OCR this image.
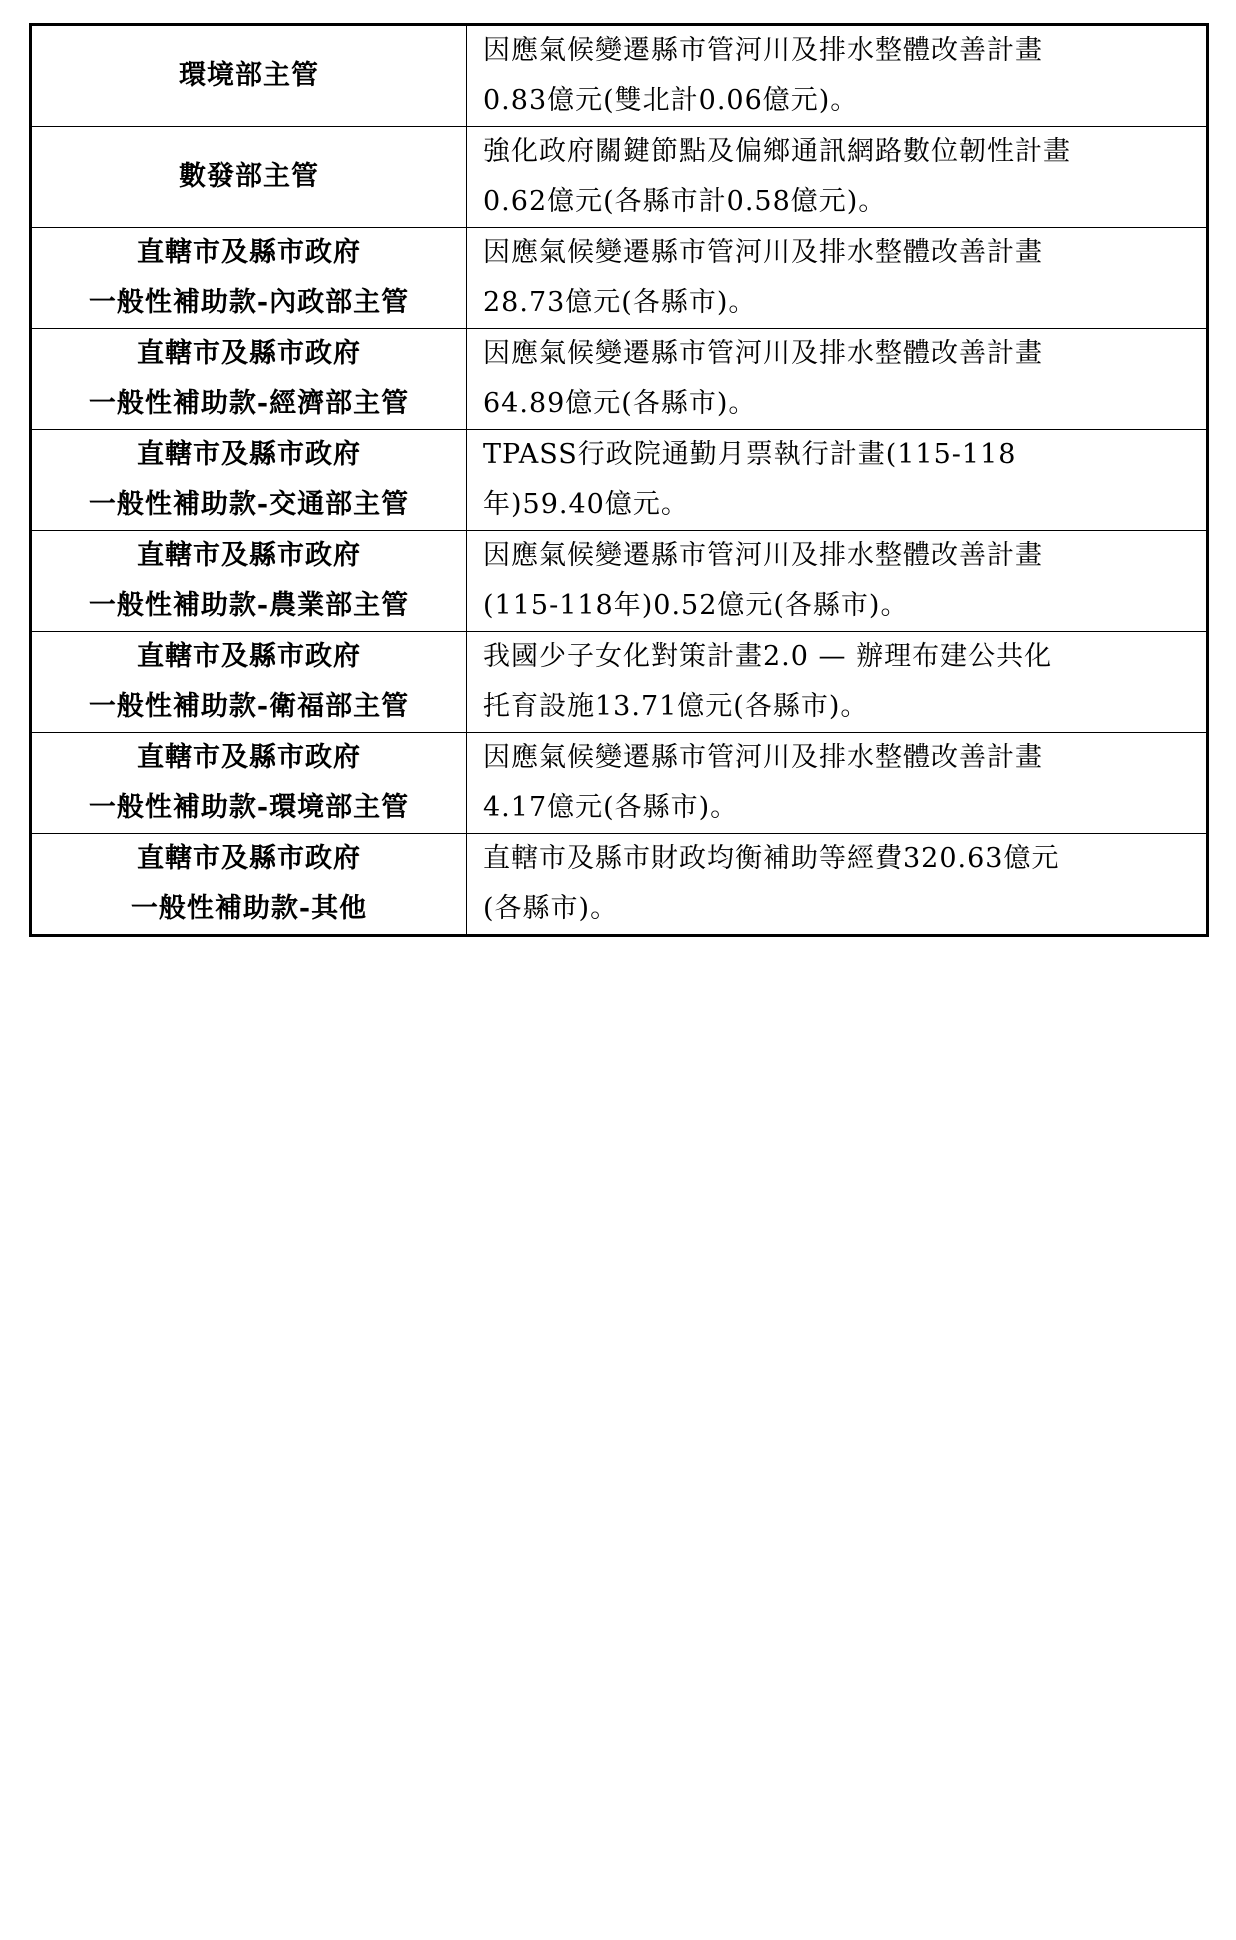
環境部主管	因應氣候變遷縣市管河川及排水整體改善計畫
0.83億元(雙北計0.06億元)。

數發部主管	強化政府關鍵節點及偏鄉通訊網路數位韌性計畫
0.62億元(各縣市計0.58億元)。

直轄市及縣市政府
一般性補助款-內政部主管	因應氣候變遷縣市管河川及排水整體改善計畫
28.73億元(各縣市)。

直轄市及縣市政府
一般性補助款-經濟部主管	因應氣候變遷縣市管河川及排水整體改善計畫
64.89億元(各縣市)。

直轄市及縣市政府
一般性補助款-交通部主管	TPASS行政院通勤月票執行計畫(115-118
年)59.40億元。

直轄市及縣市政府
一般性補助款-農業部主管	因應氣候變遷縣市管河川及排水整體改善計畫
(115-118年)0.52億元(各縣市)。

直轄市及縣市政府
一般性補助款-衛福部主管	我國少子女化對策計畫2.0 — 辦理布建公共化
托育設施13.71億元(各縣市)。

直轄市及縣市政府
一般性補助款-環境部主管	因應氣候變遷縣市管河川及排水整體改善計畫
4.17億元(各縣市)。

直轄市及縣市政府
一般性補助款-其他	直轄市及縣市財政均衡補助等經費320.63億元
(各縣市)。
